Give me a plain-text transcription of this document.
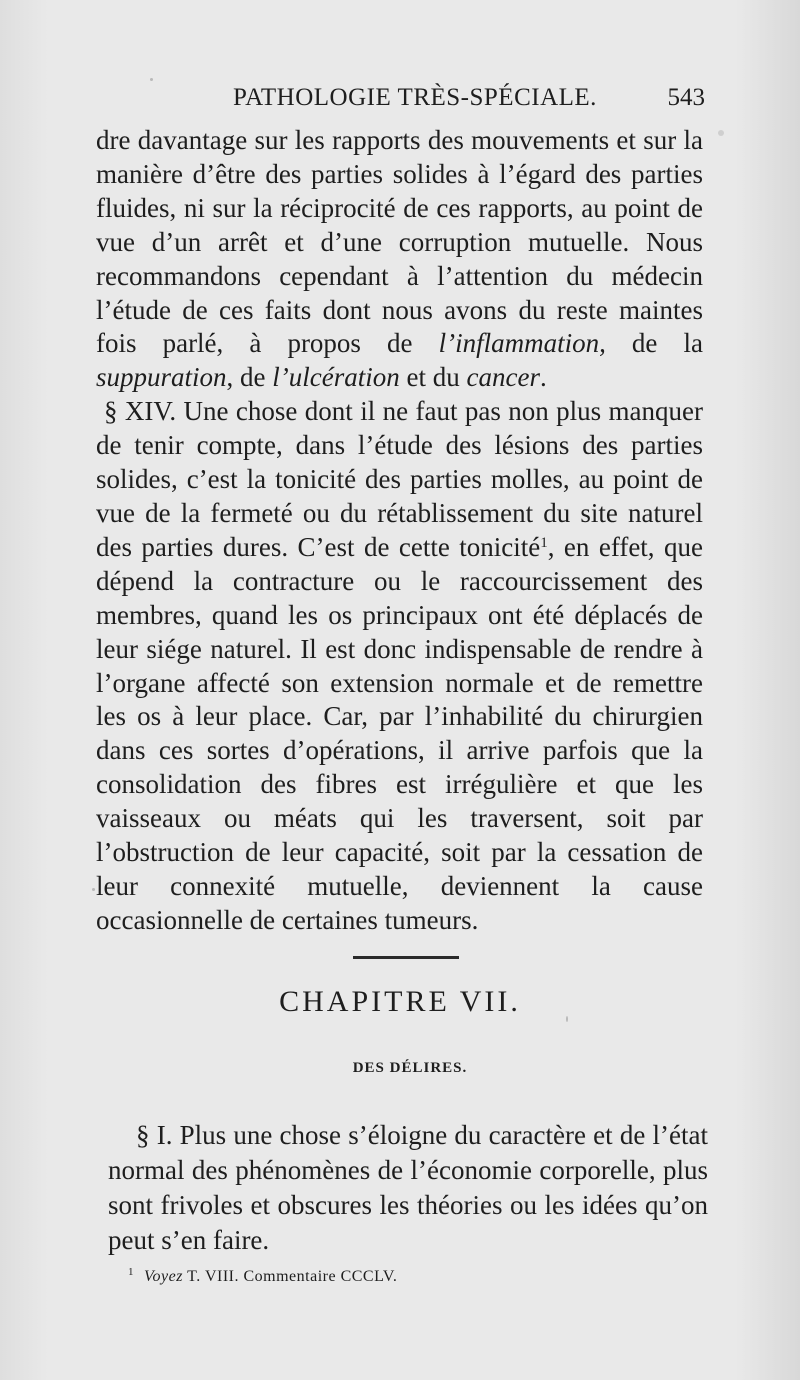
PATHOLOGIE TRÈS-SPÉCIALE.	543

dre davantage sur les rapports des mouvements et sur la manière d’être des parties solides à l’égard des parties fluides, ni sur la réciprocité de ces rapports, au point de vue d’un arrêt et d’une corruption mutuelle. Nous recommandons cependant à l’attention du médecin l’étude de ces faits dont nous avons du reste maintes fois parlé, à propos de l’inflammation, de la suppuration, de l’ulcération et du cancer.

§ XIV. Une chose dont il ne faut pas non plus manquer de tenir compte, dans l’étude des lésions des parties solides, c’est la tonicité des parties molles, au point de vue de la fermeté ou du rétablissement du site naturel des parties dures. C’est de cette tonicité$^1$, en effet, que dépend la contracture ou le raccourcissement des membres, quand les os principaux ont été déplacés de leur siége naturel. Il est donc indispensable de rendre à l’organe affecté son extension normale et de remettre les os à leur place. Car, par l’inhabilité du chirurgien dans ces sortes d’opérations, il arrive parfois que la consolidation des fibres est irrégulière et que les vaisseaux ou méats qui les traversent, soit par l’obstruction de leur capacité, soit par la cessation de leur connexité mutuelle, deviennent la cause occasionnelle de certaines tumeurs.

CHAPITRE VII.
DES DÉLIRES.

§ I. Plus une chose s’éloigne du caractère et de l’état normal des phénomènes de l’économie corporelle, plus sont frivoles et obscures les théories ou les idées qu’on peut s’en faire.

$^1$ Voyez T. VIII. Commentaire CCCLV.
